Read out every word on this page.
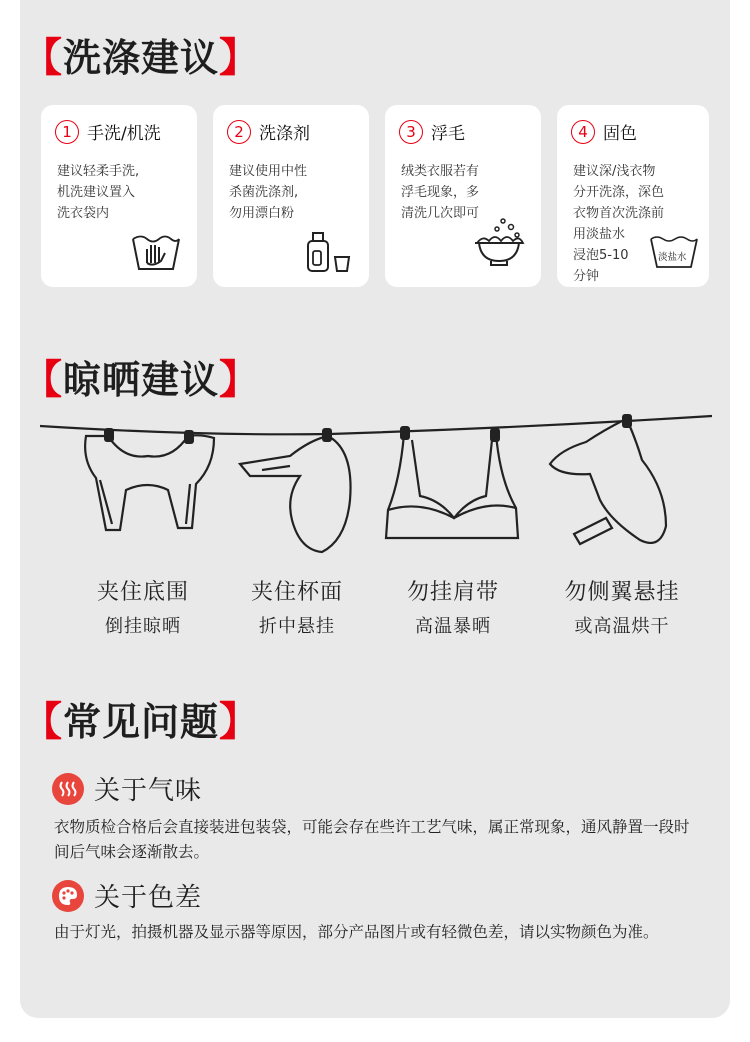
【 洗涤建议 】
1 手洗/机洗
建议轻柔手洗,
机洗建议置入
洗衣袋内
2 洗涤剂
建议使用中性
杀菌洗涤剂,
勿用漂白粉
3 浮毛
绒类衣服若有
浮毛现象，多
清洗几次即可
4 固色
建议深/浅衣物
分开洗涤，深色
衣物首次洗涤前
用淡盐水
浸泡5-10
分钟
淡盐水
【 晾晒建议 】
夹住底围
倒挂晾晒
夹住杯面
折中悬挂
勿挂肩带
高温暴晒
勿侧翼悬挂
或高温烘干
【 常见问题 】
关于气味
衣物质检合格后会直接装进包装袋，可能会存在些许工艺气味，属正常现象，通风静置一段时间后气味会逐渐散去。
关于色差
由于灯光，拍摄机器及显示器等原因，部分产品图片或有轻微色差，请以实物颜色为准。
